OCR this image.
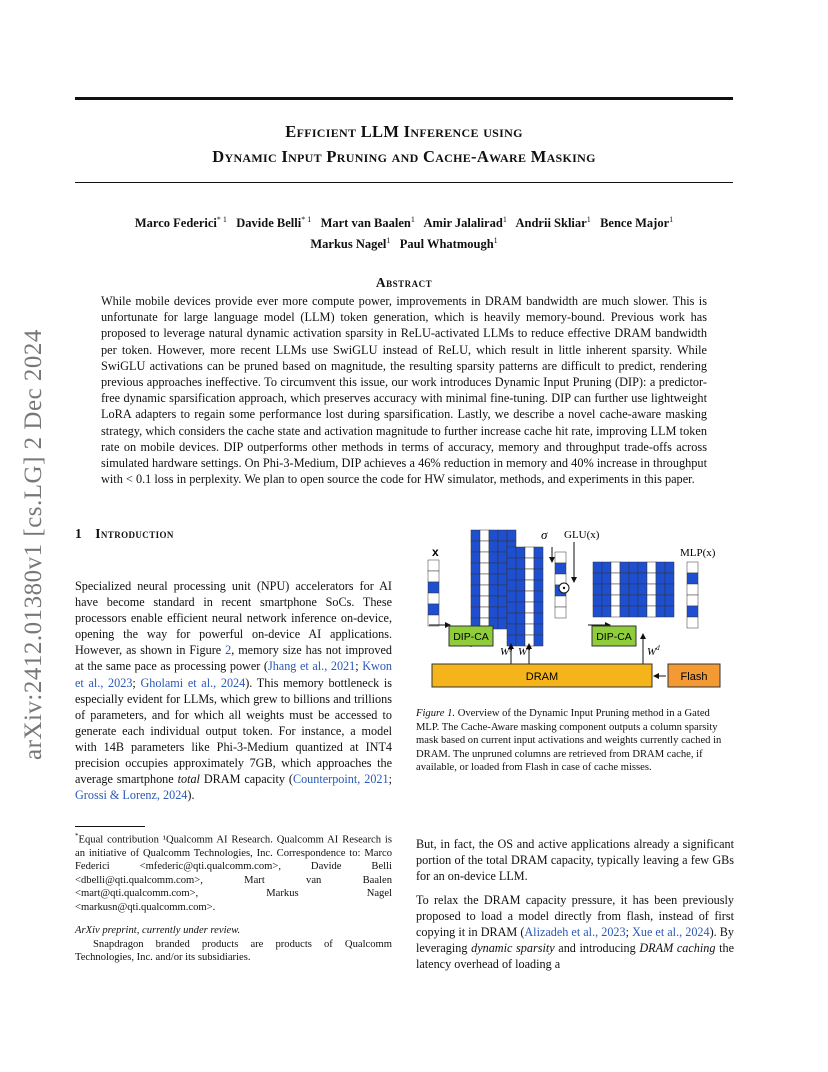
arXiv:2412.01380v1 [cs.LG] 2 Dec 2024
Efficient LLM Inference using
Dynamic Input Pruning and Cache-Aware Masking
Marco Federici$^{* 1}$ Davide Belli$^{* 1}$ Mart van Baalen$^1$ Amir Jalalirad$^1$ Andrii Skliar$^1$ Bence Major$^1$
Markus Nagel$^1$ Paul Whatmough$^1$
Abstract
While mobile devices provide ever more compute power, improvements in DRAM bandwidth are much slower. This is unfortunate for large language model (LLM) token generation, which is heavily memory-bound. Previous work has proposed to leverage natural dynamic activation sparsity in ReLU-activated LLMs to reduce effective DRAM bandwidth per token. However, more recent LLMs use SwiGLU instead of ReLU, which result in little inherent sparsity. While SwiGLU activations can be pruned based on magnitude, the resulting sparsity patterns are difficult to predict, rendering previous approaches ineffective. To circumvent this issue, our work introduces Dynamic Input Pruning (DIP): a predictor-free dynamic sparsification approach, which preserves accuracy with minimal fine-tuning. DIP can further use lightweight LoRA adapters to regain some performance lost during sparsification. Lastly, we describe a novel cache-aware masking strategy, which considers the cache state and activation magnitude to further increase cache hit rate, improving LLM token rate on mobile devices. DIP outperforms other methods in terms of accuracy, memory and throughput trade-offs across simulated hardware settings. On Phi-3-Medium, DIP achieves a 46% reduction in memory and 40% increase in throughput with < 0.1 loss in perplexity. We plan to open source the code for HW simulator, methods, and experiments in this paper.
1 Introduction
Specialized neural processing unit (NPU) accelerators for AI have become standard in recent smartphone SoCs. These processors enable efficient neural network inference on-device, opening the way for powerful on-device AI applications. However, as shown in Figure 2, memory size has not improved at the same pace as processing power (Jhang et al., 2021; Kwon et al., 2023; Gholami et al., 2024). This memory bottleneck is especially evident for LLMs, which grew to billions and trillions of parameters, and for which all weights must be accessed to generate each individual output token. For instance, a model with 14B parameters like Phi-3-Medium quantized at INT4 precision occupies approximately 7GB, which approaches the average smartphone total DRAM capacity (Counterpoint, 2021; Grossi & Lorenz, 2024).
*Equal contribution ¹Qualcomm AI Research. Qualcomm AI Research is an initiative of Qualcomm Technologies, Inc. Correspondence to: Marco Federici <mfederic@qti.qualcomm.com>, Davide Belli <dbelli@qti.qualcomm.com>, Mart van Baalen <mart@qti.qualcomm.com>, Markus Nagel <markusn@qti.qualcomm.com>.
ArXiv preprint, currently under review.
Snapdragon branded products are products of Qualcomm Technologies, Inc. and/or its subsidiaries.
x
σ GLU(x)
MLP(x)
DIP-CA	DIP-CA
$W^g$ $W^u$	$W^d$
DRAM	Flash
Figure 1. Overview of the Dynamic Input Pruning method in a Gated MLP. The Cache-Aware masking component outputs a column sparsity mask based on current input activations and weights currently cached in DRAM. The unpruned columns are retrieved from DRAM cache, if available, or loaded from Flash in case of cache misses.
But, in fact, the OS and active applications already a significant portion of the total DRAM capacity, typically leaving a few GBs for an on-device LLM.
To relax the DRAM capacity pressure, it has been previously proposed to load a model directly from flash, instead of first copying it in DRAM (Alizadeh et al., 2023; Xue et al., 2024). By leveraging dynamic sparsity and introducing DRAM caching the latency overhead of loading a
